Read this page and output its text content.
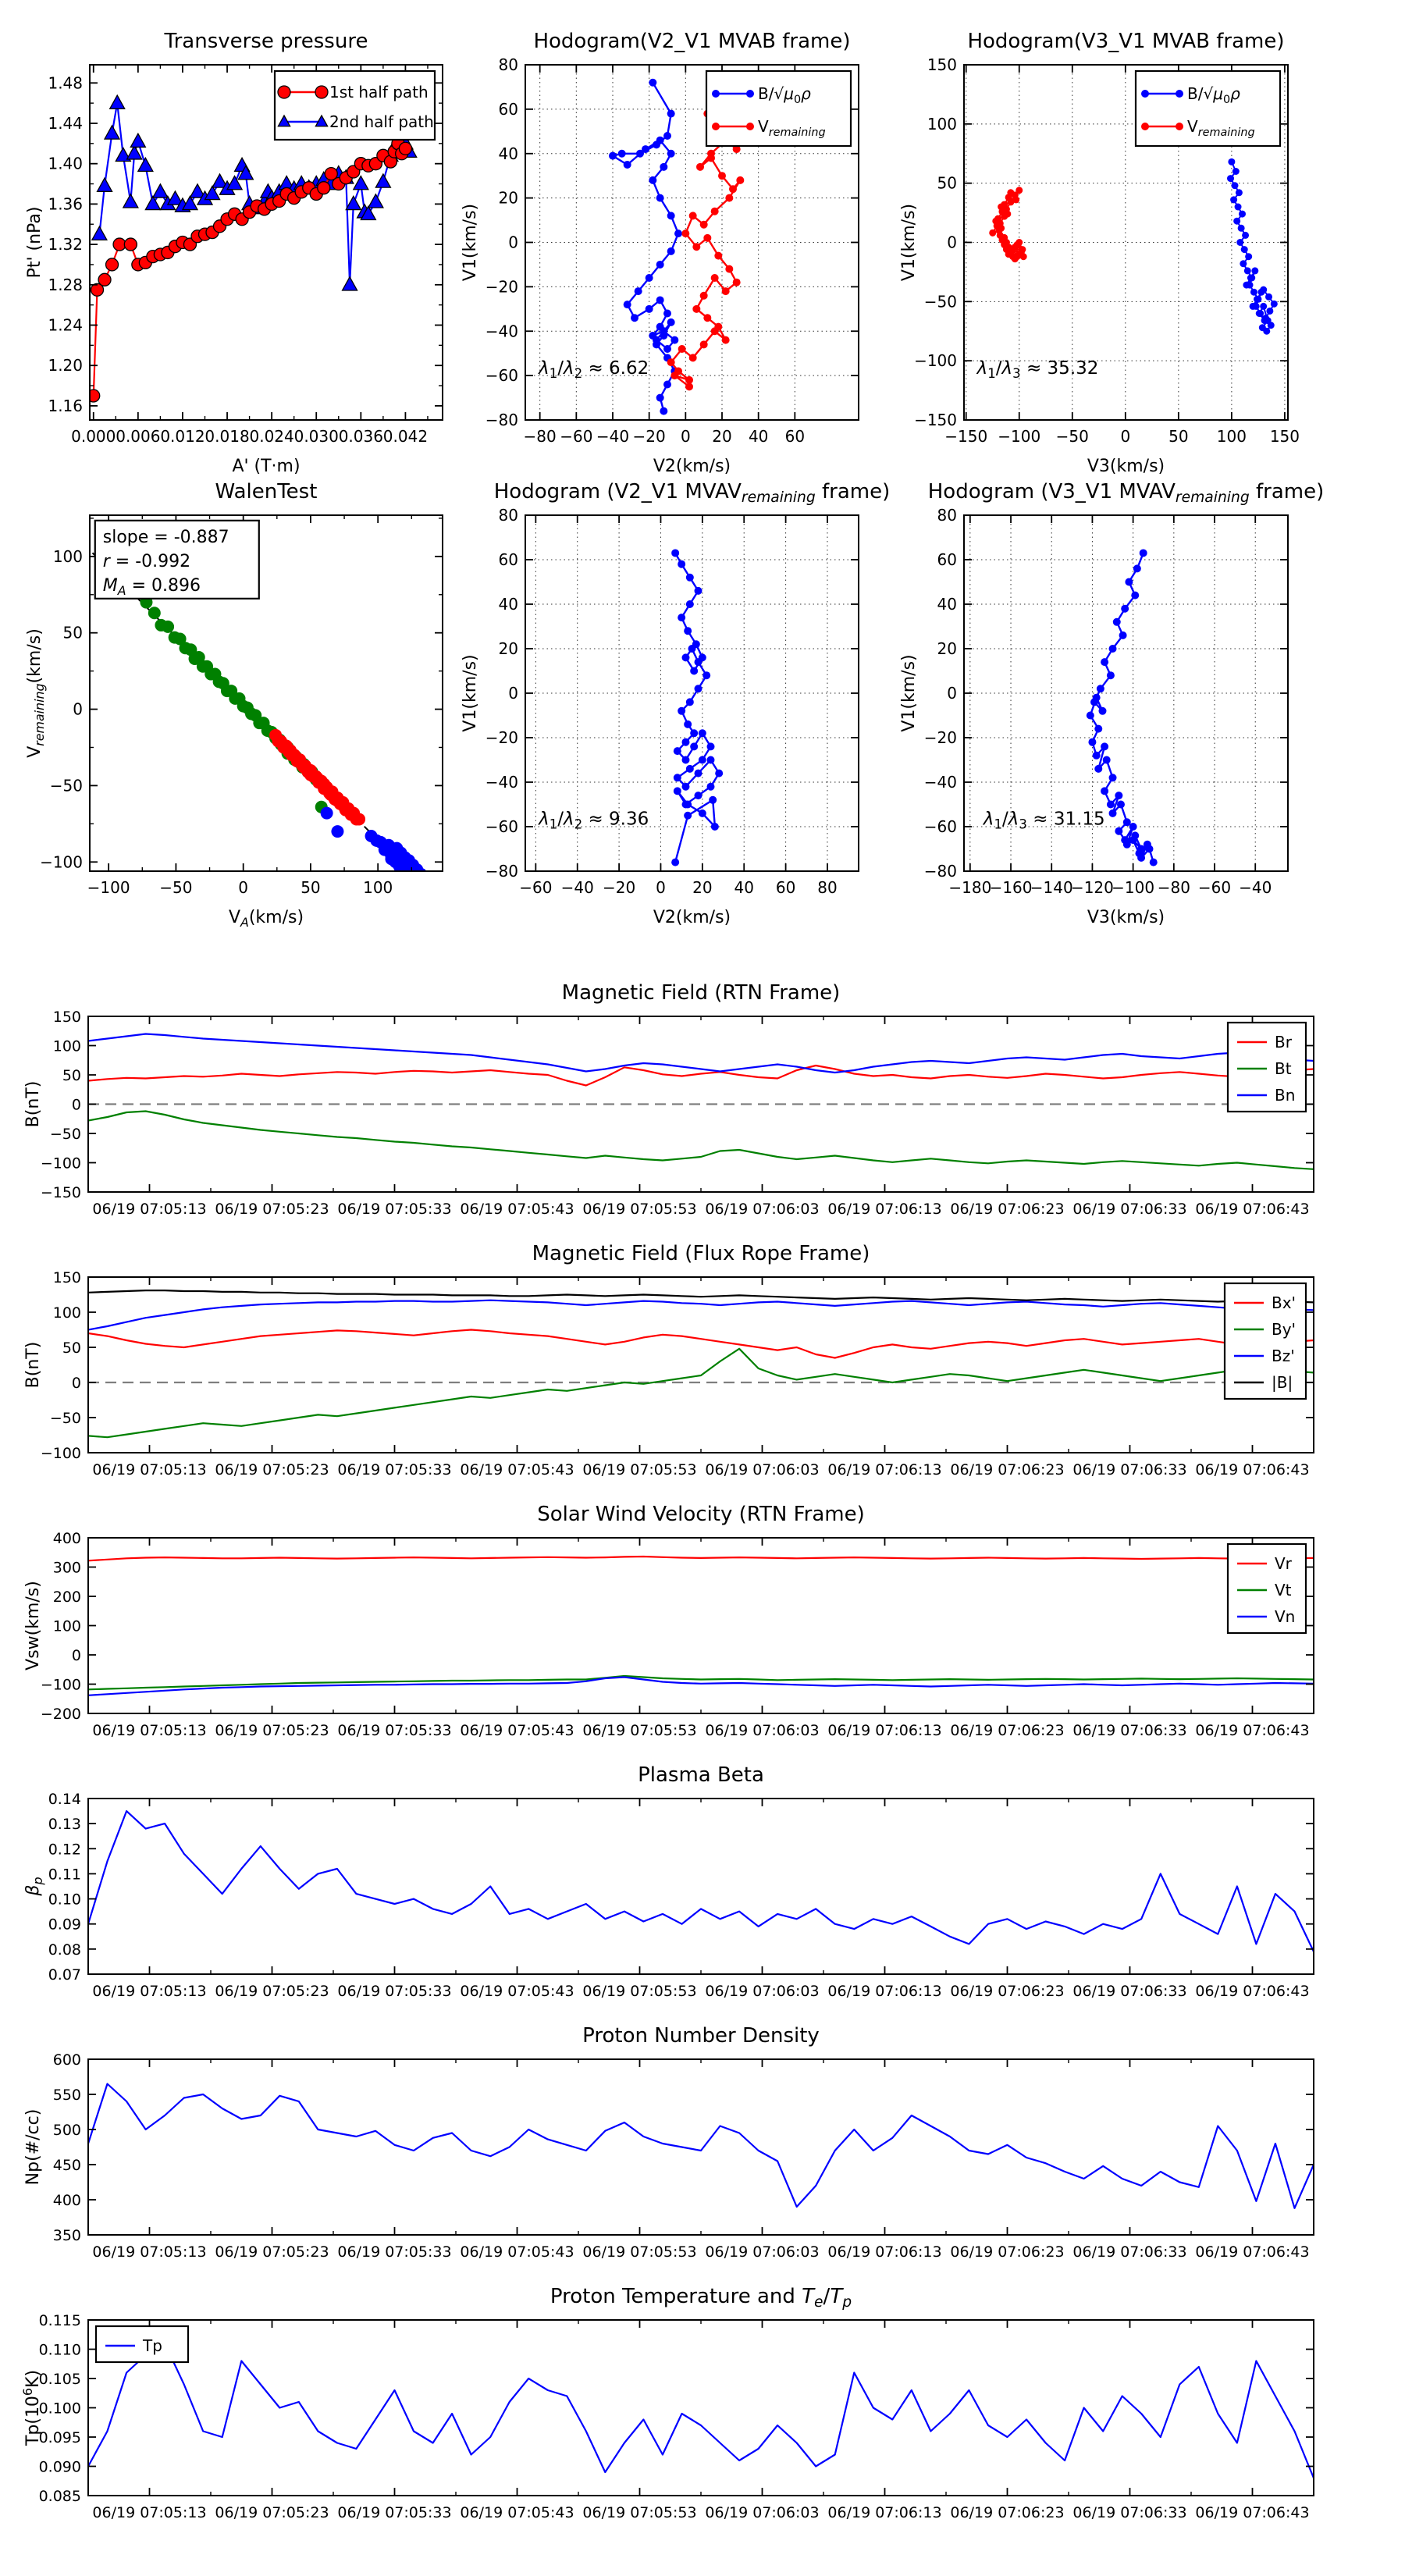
0.000 0.006 0.012 0.018 0.024 0.030 0.036 0.042
1.16
1.20
1.24
1.28
1.32
1.36
1.40
1.44
1.48
Transverse pressure
A' (T·m)
Pt' (nPa)
1st half path
2nd half path
−80 −60 −40 −20 0 20 40 60
−80
−60
−40
−20
0
20
40
60
80
Hodogram(V2_V1 MVAB frame)
V2(km/s)
V1(km/s)
$B/√\mu_0\rho$
$V_{remaining}$
$\lambda_1/\lambda_2 \approx 6.62$
−150 −100 −50 0 50 100 150
−150
−100
−50
0
50
100
150
Hodogram(V3_V1 MVAB frame)
V3(km/s)
V1(km/s)
$B/√\mu_0\rho$
$V_{remaining}$
$\lambda_1/\lambda_3 \approx 35.32$
−100 −50	0	50	100
−100
−50
0
50
100
WalenTest
$V_A(km/s)$
$V_{remaining}(km/s)$
slope = -0.887
r = -0.992
$M_A = 0.896$
−60 −40 −20 0 20 40 60 80
−80
−60
−40
−20
0
20
40
60
80
Hodogram (V2_V1 MVAVremaining frame)
V2(km/s)
V1(km/s)
$\lambda_1/\lambda_2 \approx 9.36$
−180
−160
−140
−120
−100 −80 −60 −40
−80
−60
−40
−20
0
20
40
60
80
Hodogram (V3_V1 MVAVremaining frame)
V3(km/s)
V1(km/s)
$\lambda_1/\lambda_3 \approx 31.15$
06/19 07:05:13 06/19 07:05:23 06/19 07:05:33 06/19 07:05:43 06/19 07:05:53 06/19 07:06:03 06/19 07:06:13 06/19 07:06:23 06/19 07:06:33 06/19 07:06:43
−150
−100
−50
0
50
100
150
Magnetic Field (RTN Frame)
B(nT)
Br
Bt
Bn
06/19 07:05:13 06/19 07:05:23 06/19 07:05:33 06/19 07:05:43 06/19 07:05:53 06/19 07:06:03 06/19 07:06:13 06/19 07:06:23 06/19 07:06:33 06/19 07:06:43
−100
−50
0
50
100
150
Magnetic Field (Flux Rope Frame)
B(nT)
Bx'
By'
Bz'
|B|
06/19 07:05:13 06/19 07:05:23 06/19 07:05:33 06/19 07:05:43 06/19 07:05:53 06/19 07:06:03 06/19 07:06:13 06/19 07:06:23 06/19 07:06:33 06/19 07:06:43
−200
−100
0
100
200
300
400
Solar Wind Velocity (RTN Frame)
Vsw(km/s)
Vr
Vt
Vn
06/19 07:05:13 06/19 07:05:23 06/19 07:05:33 06/19 07:05:43 06/19 07:05:53 06/19 07:06:03 06/19 07:06:13 06/19 07:06:23 06/19 07:06:33 06/19 07:06:43
0.07
0.08
0.09
0.10
0.11
0.12
0.13
0.14
Plasma Beta
$\beta_p$
06/19 07:05:13 06/19 07:05:23 06/19 07:05:33 06/19 07:05:43 06/19 07:05:53 06/19 07:06:03 06/19 07:06:13 06/19 07:06:23 06/19 07:06:33 06/19 07:06:43
350
400
450
500
550
600
Proton Number Density
Np(#/cc)
06/19 07:05:13 06/19 07:05:23 06/19 07:05:33 06/19 07:05:43 06/19 07:05:53 06/19 07:06:03 06/19 07:06:13 06/19 07:06:23 06/19 07:06:33 06/19 07:06:43
0.085
0.090
0.095
0.100
0.105
0.110
0.115
Proton Temperature and Te/Tp
$Tp(10^6K)$
Tp
